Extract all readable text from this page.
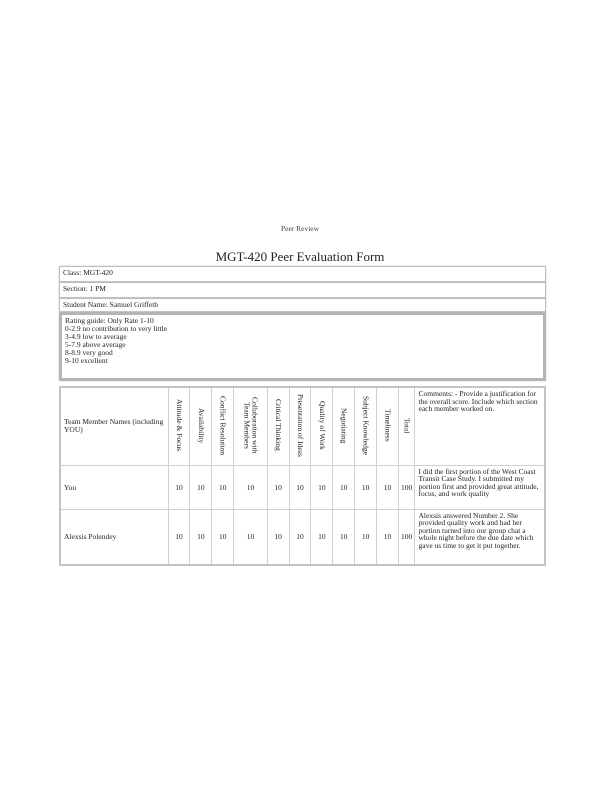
Peer Review
MGT-420 Peer Evaluation Form
Class: MGT-420
Section: 1 PM
Student Name: Samuel Griffeth
Rating guide: Only Rate 1-10
0-2.9 no contribution to very little
3-4.9 low to average
5-7.9 above average
8-8.9 very good
9-10 excellent
Team Member Names (including YOU)	Attitude & Focus	Availability	Conflict Resolution	Collaboration with Team Members	Critical Thinking	Presentation of Ideas	Quality of Work	Negotiating	Subject Knowledge	Timeliness	Total	Comments: - Provide a justification for the overall score. Include which section each member worked on.
You	10	10	10	10	10	10	10	10	10	10	100	I did the first portion of the West Coast Transit Case Study. I submitted my portion first and provided great attitude, focus, and work quality
Alexsis Polendey	10	10	10	10	10	10	10	10	10	10	100	Alexsis answered Number 2. She provided quality work and had her portion turned into our group chat a whole night before the due date which gave us time to get it put together.
